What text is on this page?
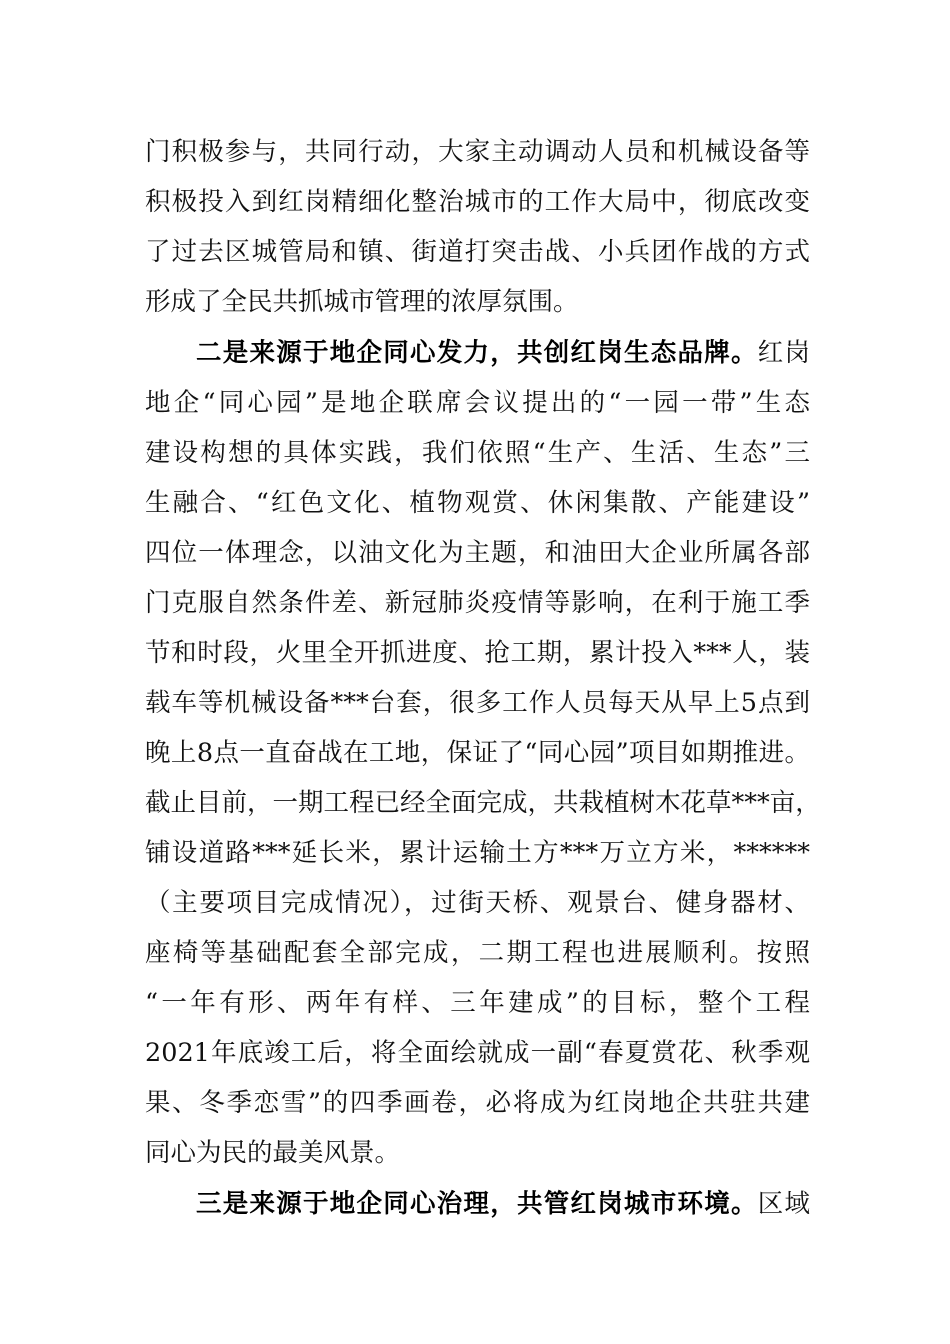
门积极参与，共同行动，大家主动调动人员和机械设备等
积极投入到红岗精细化整治城市的工作大局中，彻底改变
了过去区城管局和镇、街道打突击战、小兵团作战的方式
形成了全民共抓城市管理的浓厚氛围。
二是来源于地企同心发力，共创红岗生态品牌。红岗
地企“同心园”是地企联席会议提出的“一园一带”生态
建设构想的具体实践，我们依照“生产、生活、生态”三
生融合、“红色文化、植物观赏、休闲集散、产能建设”
四位一体理念，以油文化为主题，和油田大企业所属各部
门克服自然条件差、新冠肺炎疫情等影响，在利于施工季
节和时段，火里全开抓进度、抢工期，累计投入***人，装
载车等机械设备***台套，很多工作人员每天从早上5点到
晚上8点一直奋战在工地，保证了“同心园”项目如期推进。
截止目前，一期工程已经全面完成，共栽植树木花草***亩，
铺设道路***延长米，累计运输土方***万立方米，******
（主要项目完成情况），过街天桥、观景台、健身器材、
座椅等基础配套全部完成，二期工程也进展顺利。按照
“一年有形、两年有样、三年建成”的目标，整个工程
2021年底竣工后，将全面绘就成一副“春夏赏花、秋季观
果、冬季恋雪”的四季画卷，必将成为红岗地企共驻共建
同心为民的最美风景。
三是来源于地企同心治理，共管红岗城市环境。区域
